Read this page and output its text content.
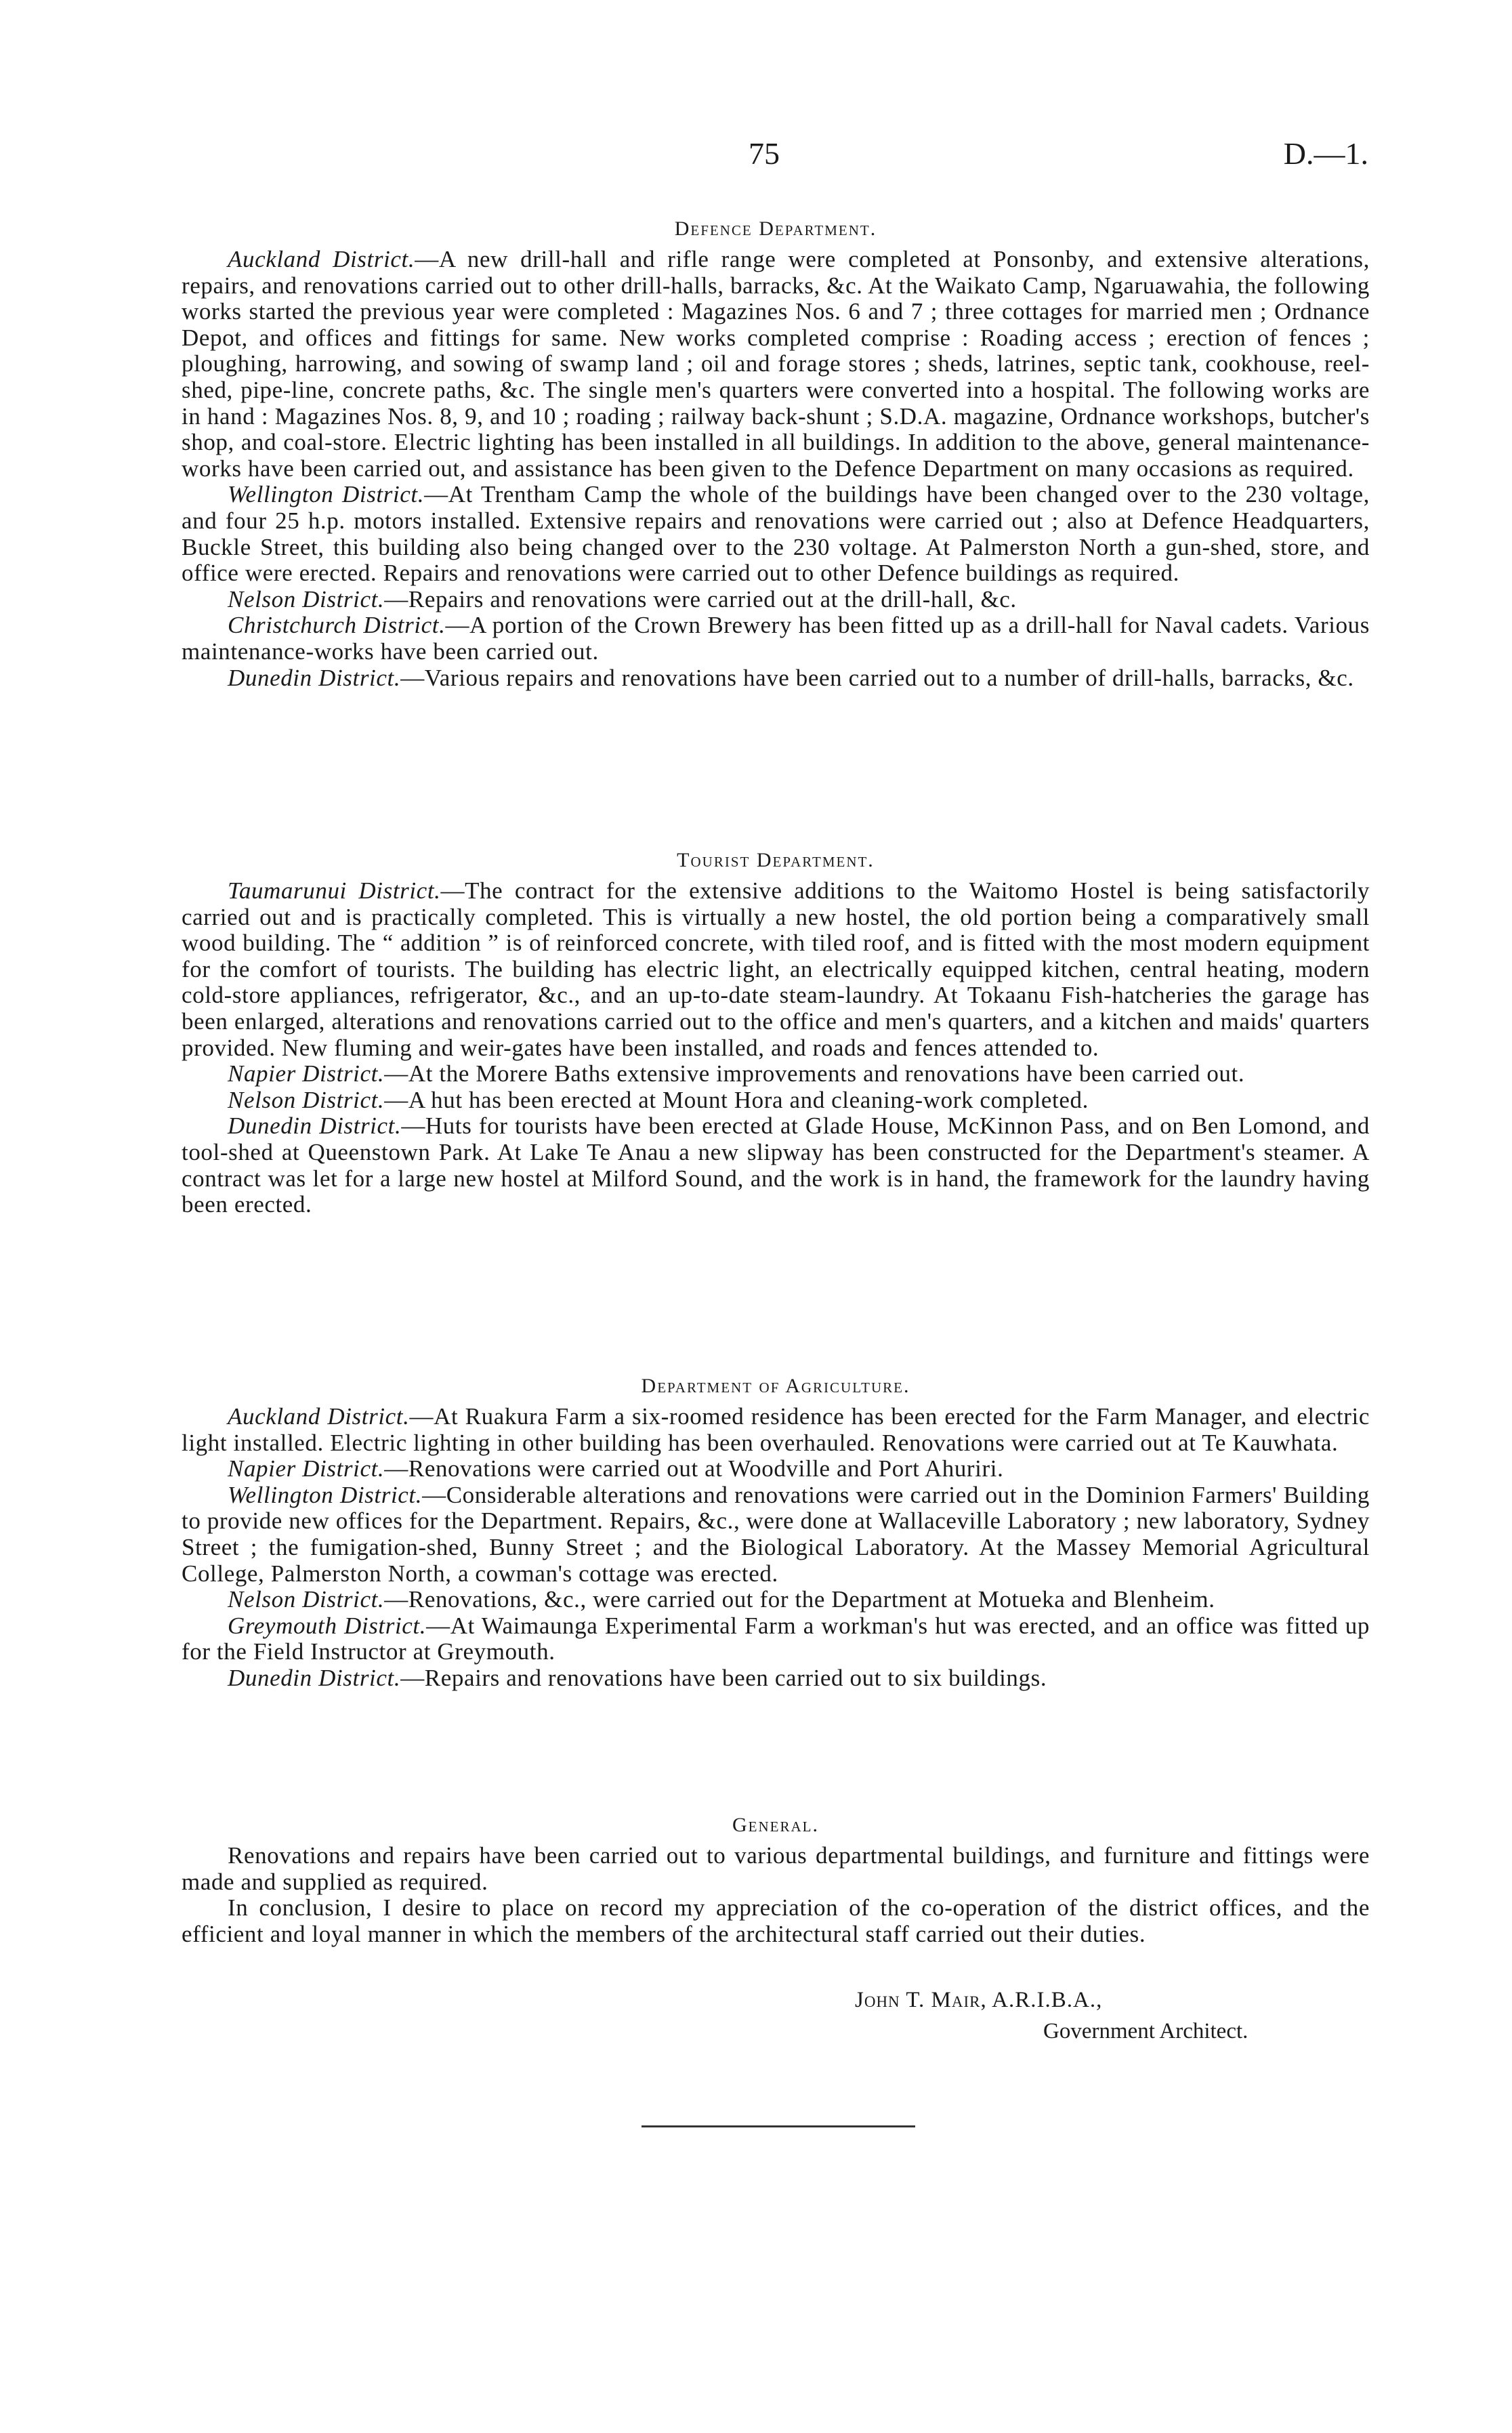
75	D.—1.
Defence Department.

Auckland District.—A new drill-hall and rifle range were completed at Ponsonby, and extensive alterations, repairs, and renovations carried out to other drill-halls, barracks, &c. At the Waikato Camp, Ngaruawahia, the following works started the previous year were completed : Magazines Nos. 6 and 7 ; three cottages for married men ; Ordnance Depot, and offices and fittings for same. New works completed comprise : Roading access ; erection of fences ; ploughing, harrowing, and sowing of swamp land ; oil and forage stores ; sheds, latrines, septic tank, cookhouse, reel-shed, pipe-line, concrete paths, &c. The single men's quarters were converted into a hospital. The following works are in hand : Magazines Nos. 8, 9, and 10 ; roading ; railway back-shunt ; S.D.A. magazine, Ordnance workshops, butcher's shop, and coal-store. Electric lighting has been installed in all buildings. In addition to the above, general maintenance-works have been carried out, and assistance has been given to the Defence Department on many occasions as required.

Wellington District.—At Trentham Camp the whole of the buildings have been changed over to the 230 voltage, and four 25 h.p. motors installed. Extensive repairs and renovations were carried out ; also at Defence Headquarters, Buckle Street, this building also being changed over to the 230 voltage. At Palmerston North a gun-shed, store, and office were erected. Repairs and renovations were carried out to other Defence buildings as required.

Nelson District.—Repairs and renovations were carried out at the drill-hall, &c.

Christchurch District.—A portion of the Crown Brewery has been fitted up as a drill-hall for Naval cadets. Various maintenance-works have been carried out.

Dunedin District.—Various repairs and renovations have been carried out to a number of drill-halls, barracks, &c.

Tourist Department.

Taumarunui District.—The contract for the extensive additions to the Waitomo Hostel is being satisfactorily carried out and is practically completed. This is virtually a new hostel, the old portion being a comparatively small wood building. The “ addition ” is of reinforced concrete, with tiled roof, and is fitted with the most modern equipment for the comfort of tourists. The building has electric light, an electrically equipped kitchen, central heating, modern cold-store appliances, refrigerator, &c., and an up-to-date steam-laundry. At Tokaanu Fish-hatcheries the garage has been enlarged, alterations and renovations carried out to the office and men's quarters, and a kitchen and maids' quarters provided. New fluming and weir-gates have been installed, and roads and fences attended to.

Napier District.—At the Morere Baths extensive improvements and renovations have been carried out.

Nelson District.—A hut has been erected at Mount Hora and cleaning-work completed.

Dunedin District.—Huts for tourists have been erected at Glade House, McKinnon Pass, and on Ben Lomond, and tool-shed at Queenstown Park. At Lake Te Anau a new slipway has been constructed for the Department's steamer. A contract was let for a large new hostel at Milford Sound, and the work is in hand, the framework for the laundry having been erected.

Department of Agriculture.

Auckland District.—At Ruakura Farm a six-roomed residence has been erected for the Farm Manager, and electric light installed. Electric lighting in other building has been overhauled. Renovations were carried out at Te Kauwhata.

Napier District.—Renovations were carried out at Woodville and Port Ahuriri.

Wellington District.—Considerable alterations and renovations were carried out in the Dominion Farmers' Building to provide new offices for the Department. Repairs, &c., were done at Wallaceville Laboratory ; new laboratory, Sydney Street ; the fumigation-shed, Bunny Street ; and the Biological Laboratory. At the Massey Memorial Agricultural College, Palmerston North, a cowman's cottage was erected.

Nelson District.—Renovations, &c., were carried out for the Department at Motueka and Blenheim.

Greymouth District.—At Waimaunga Experimental Farm a workman's hut was erected, and an office was fitted up for the Field Instructor at Greymouth.

Dunedin District.—Repairs and renovations have been carried out to six buildings.

General.

Renovations and repairs have been carried out to various departmental buildings, and furniture and fittings were made and supplied as required.

In conclusion, I desire to place on record my appreciation of the co-operation of the district offices, and the efficient and loyal manner in which the members of the architectural staff carried out their duties.

John T. Mair, A.R.I.B.A.,
Government Architect.
